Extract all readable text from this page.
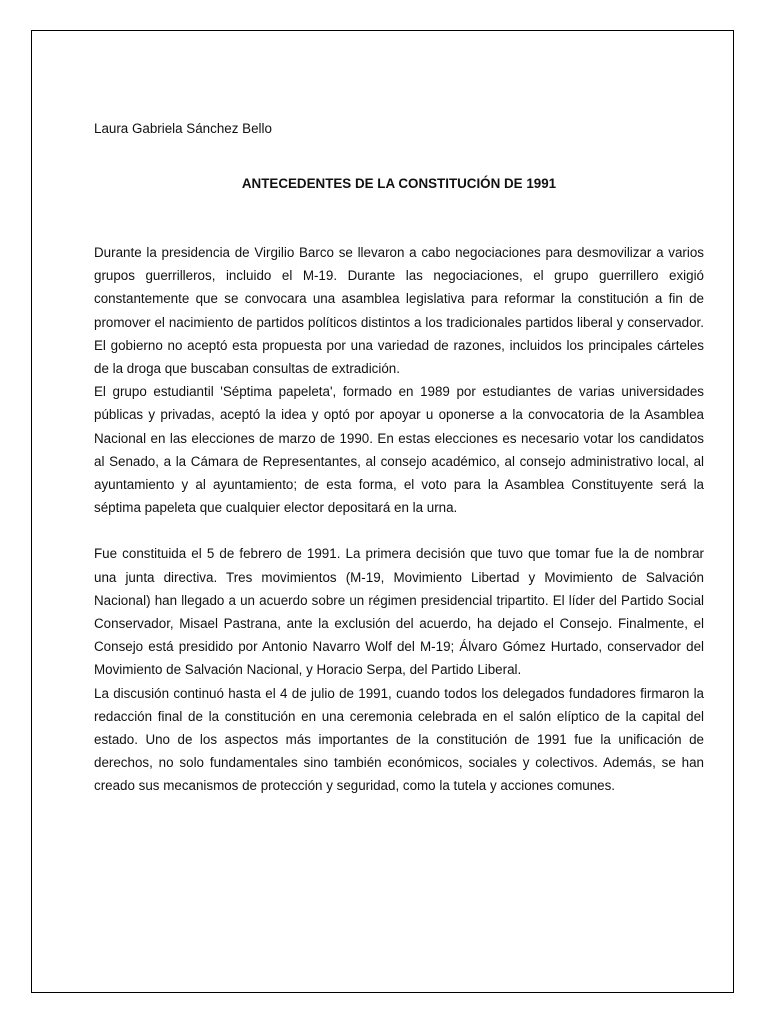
Laura Gabriela Sánchez Bello

ANTECEDENTES DE LA CONSTITUCIÓN DE 1991

Durante la presidencia de Virgilio Barco se llevaron a cabo negociaciones para desmovilizar a varios grupos guerrilleros, incluido el M-19. Durante las negociaciones, el grupo guerrillero exigió constantemente que se convocara una asamblea legislativa para reformar la constitución a fin de promover el nacimiento de partidos políticos distintos a los tradicionales partidos liberal y conservador. El gobierno no aceptó esta propuesta por una variedad de razones, incluidos los principales cárteles de la droga que buscaban consultas de extradición.

El grupo estudiantil 'Séptima papeleta', formado en 1989 por estudiantes de varias universidades públicas y privadas, aceptó la idea y optó por apoyar u oponerse a la convocatoria de la Asamblea Nacional en las elecciones de marzo de 1990. En estas elecciones es necesario votar los candidatos al Senado, a la Cámara de Representantes, al consejo académico, al consejo administrativo local, al ayuntamiento y al ayuntamiento; de esta forma, el voto para la Asamblea Constituyente será la séptima papeleta que cualquier elector depositará en la urna.

Fue constituida el 5 de febrero de 1991. La primera decisión que tuvo que tomar fue la de nombrar una junta directiva. Tres movimientos (M-19, Movimiento Libertad y Movimiento de Salvación Nacional) han llegado a un acuerdo sobre un régimen presidencial tripartito. El líder del Partido Social Conservador, Misael Pastrana, ante la exclusión del acuerdo, ha dejado el Consejo. Finalmente, el Consejo está presidido por Antonio Navarro Wolf del M-19; Álvaro Gómez Hurtado, conservador del Movimiento de Salvación Nacional, y Horacio Serpa, del Partido Liberal.

La discusión continuó hasta el 4 de julio de 1991, cuando todos los delegados fundadores firmaron la redacción final de la constitución en una ceremonia celebrada en el salón elíptico de la capital del estado. Uno de los aspectos más importantes de la constitución de 1991 fue la unificación de derechos, no solo fundamentales sino también económicos, sociales y colectivos. Además, se han creado sus mecanismos de protección y seguridad, como la tutela y acciones comunes.
